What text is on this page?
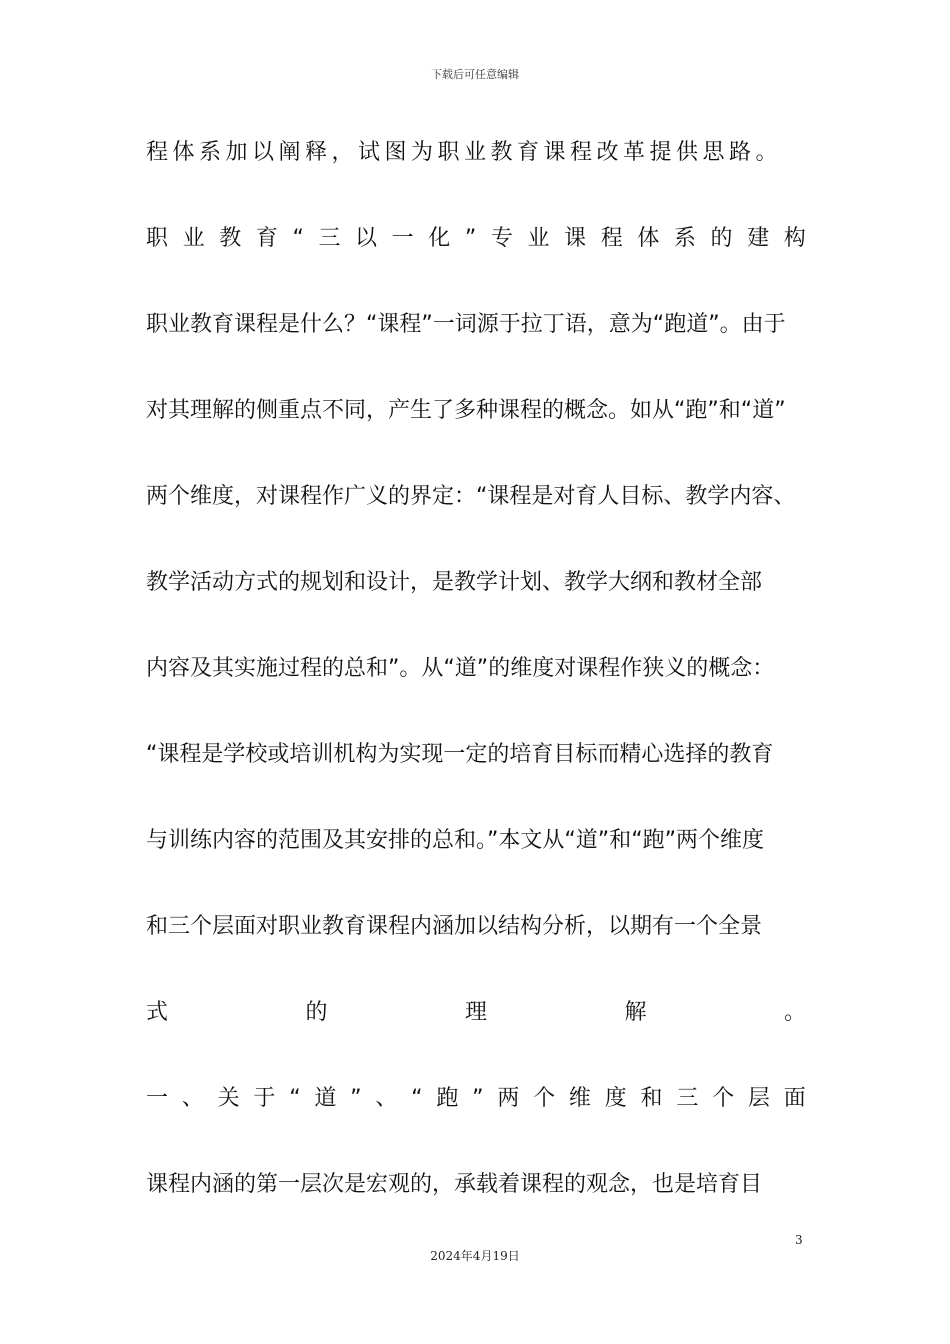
下载后可任意编辑
程体系加以阐释，试图为职业教育课程改革提供思路。
职 业 教 育 “ 三 以 一 化 ” 专 业 课 程 体 系 的 建 构
职业教育课程是什么？“课程”一词源于拉丁语，意为“跑道”。由于
对其理解的侧重点不同，产生了多种课程的概念。如从“跑”和“道”
两个维度，对课程作广义的界定：“课程是对育人目标、教学内容、
教学活动方式的规划和设计，是教学计划、教学大纲和教材全部
内容及其实施过程的总和”。从“道”的维度对课程作狭义的概念：
“课程是学校或培训机构为实现一定的培育目标而精心选择的教育
与训练内容的范围及其安排的总和。”本文从“道”和“跑”两个维度
和三个层面对职业教育课程内涵加以结构分析，以期有一个全景
式	的	理	解	。
一 、 关 于 “ 道 ” 、 “ 跑 ” 两 个 维 度 和 三 个 层 面
课程内涵的第一层次是宏观的，承载着课程的观念，也是培育目
3
2024年4月19日
